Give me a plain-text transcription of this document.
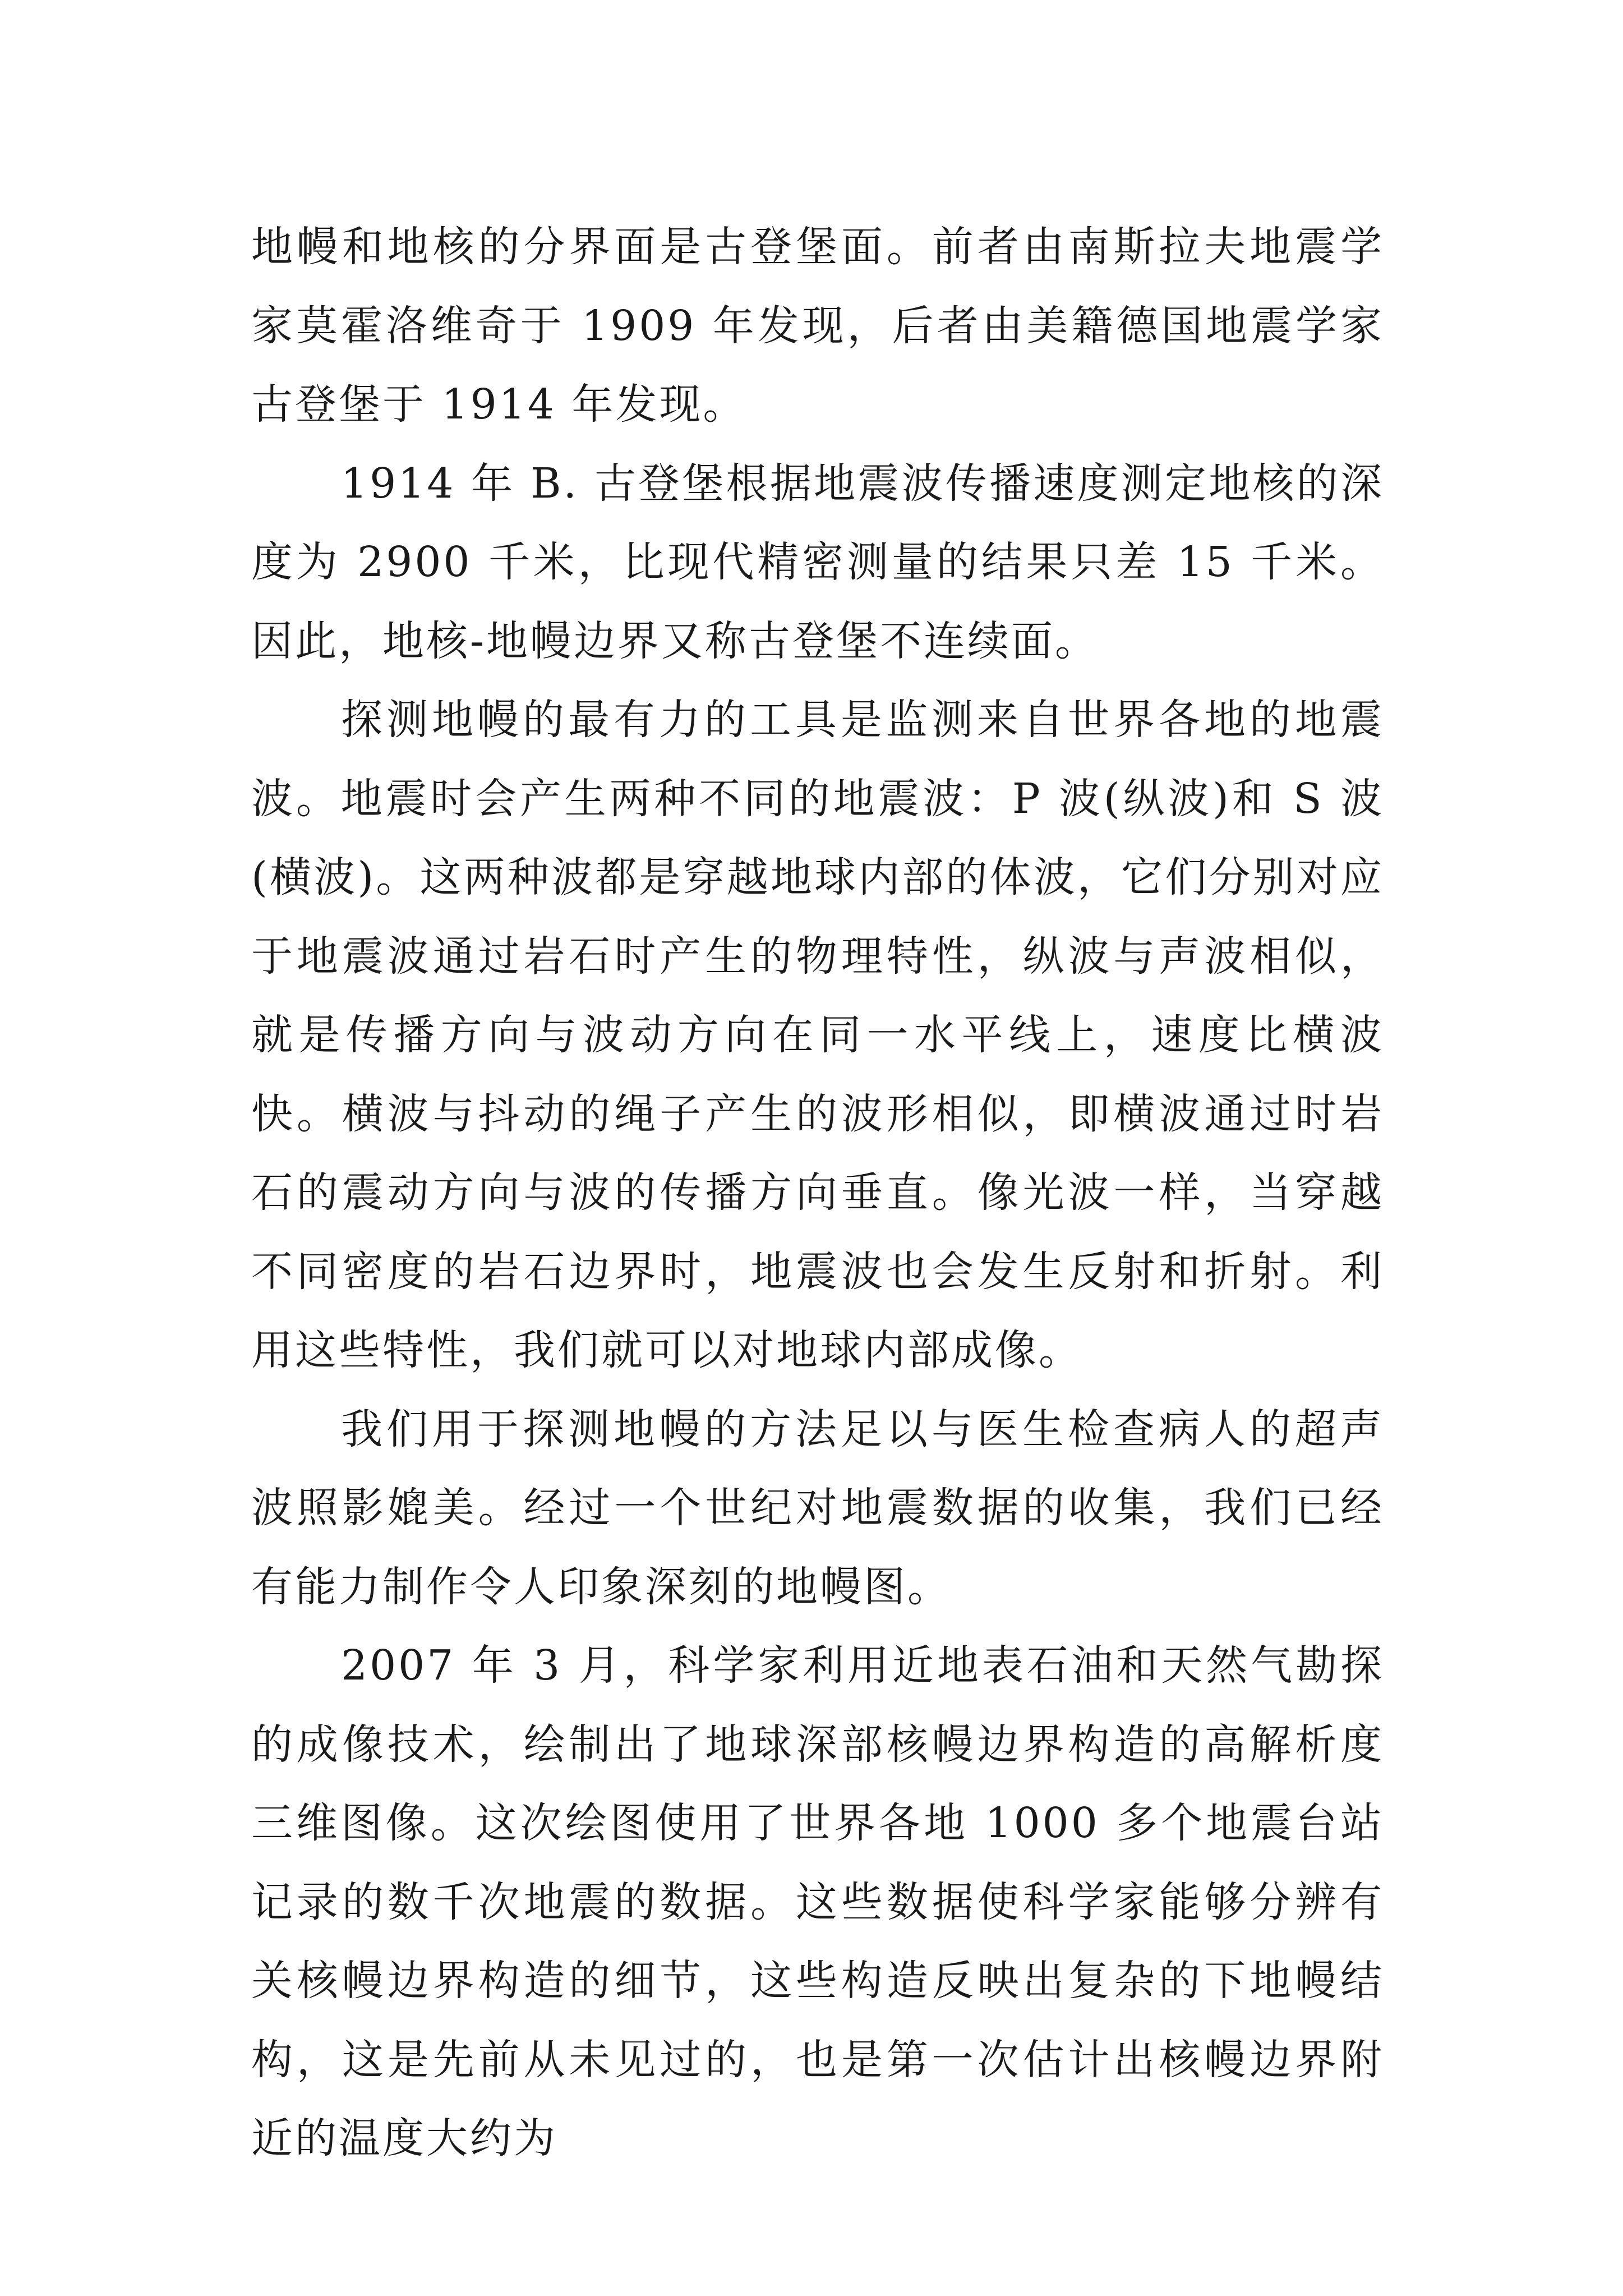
地幔和地核的分界面是古登堡面。前者由南斯拉夫地震学家莫霍洛维奇于 1909 年发现，后者由美籍德国地震学家古登堡于 1914 年发现。

1914 年 B. 古登堡根据地震波传播速度测定地核的深度为 2900 千米，比现代精密测量的结果只差 15 千米。因此，地核-地幔边界又称古登堡不连续面。

探测地幔的最有力的工具是监测来自世界各地的地震波。地震时会产生两种不同的地震波：P 波(纵波)和 S 波(横波)。这两种波都是穿越地球内部的体波，它们分别对应于地震波通过岩石时产生的物理特性，纵波与声波相似，就是传播方向与波动方向在同一水平线上，速度比横波快。横波与抖动的绳子产生的波形相似，即横波通过时岩石的震动方向与波的传播方向垂直。像光波一样，当穿越不同密度的岩石边界时，地震波也会发生反射和折射。利用这些特性，我们就可以对地球内部成像。

我们用于探测地幔的方法足以与医生检查病人的超声波照影媲美。经过一个世纪对地震数据的收集，我们已经有能力制作令人印象深刻的地幔图。

2007 年 3 月，科学家利用近地表石油和天然气勘探的成像技术，绘制出了地球深部核幔边界构造的高解析度三维图像。这次绘图使用了世界各地 1000 多个地震台站记录的数千次地震的数据。这些数据使科学家能够分辨有关核幔边界构造的细节，这些构造反映出复杂的下地幔结构，这是先前从未见过的，也是第一次估计出核幔边界附近的温度大约为
